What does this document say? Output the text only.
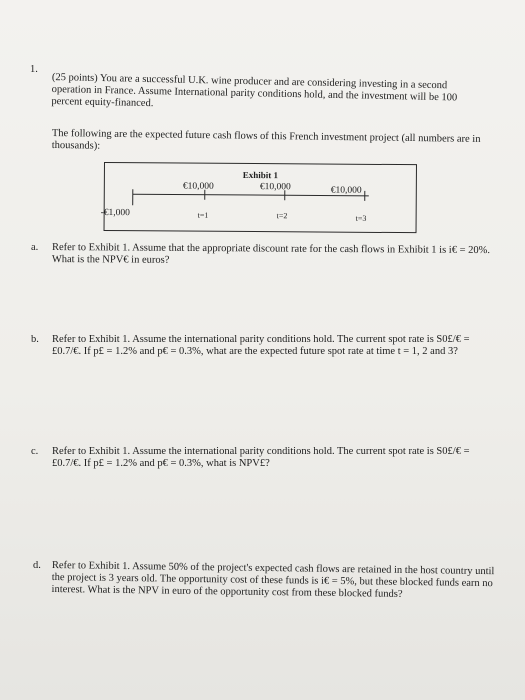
1.

(25 points) You are a successful U.K. wine producer and are considering investing in a second operation in France. Assume International parity conditions hold, and the investment will be 100 percent equity-financed.

The following are the expected future cash flows of this French investment project (all numbers are in thousands):

Exhibit 1
€10,000	€10,000	€10,000
-€1,000	t=1	t=2	t=3
a. Refer to Exhibit 1. Assume that the appropriate discount rate for the cash flows in Exhibit 1 is i€ = 20%. What is the NPV€ in euros?

b. Refer to Exhibit 1. Assume the international parity conditions hold. The current spot rate is S0£/€ = £0.7/€. If p£ = 1.2% and p€ = 0.3%, what are the expected future spot rate at time t = 1, 2 and 3?

c. Refer to Exhibit 1. Assume the international parity conditions hold. The current spot rate is S0£/€ = £0.7/€. If p£ = 1.2% and p€ = 0.3%, what is NPV£?

d. Refer to Exhibit 1. Assume 50% of the project's expected cash flows are retained in the host country until the project is 3 years old. The opportunity cost of these funds is i€ = 5%, but these blocked funds earn no interest. What is the NPV in euro of the opportunity cost from these blocked funds?
